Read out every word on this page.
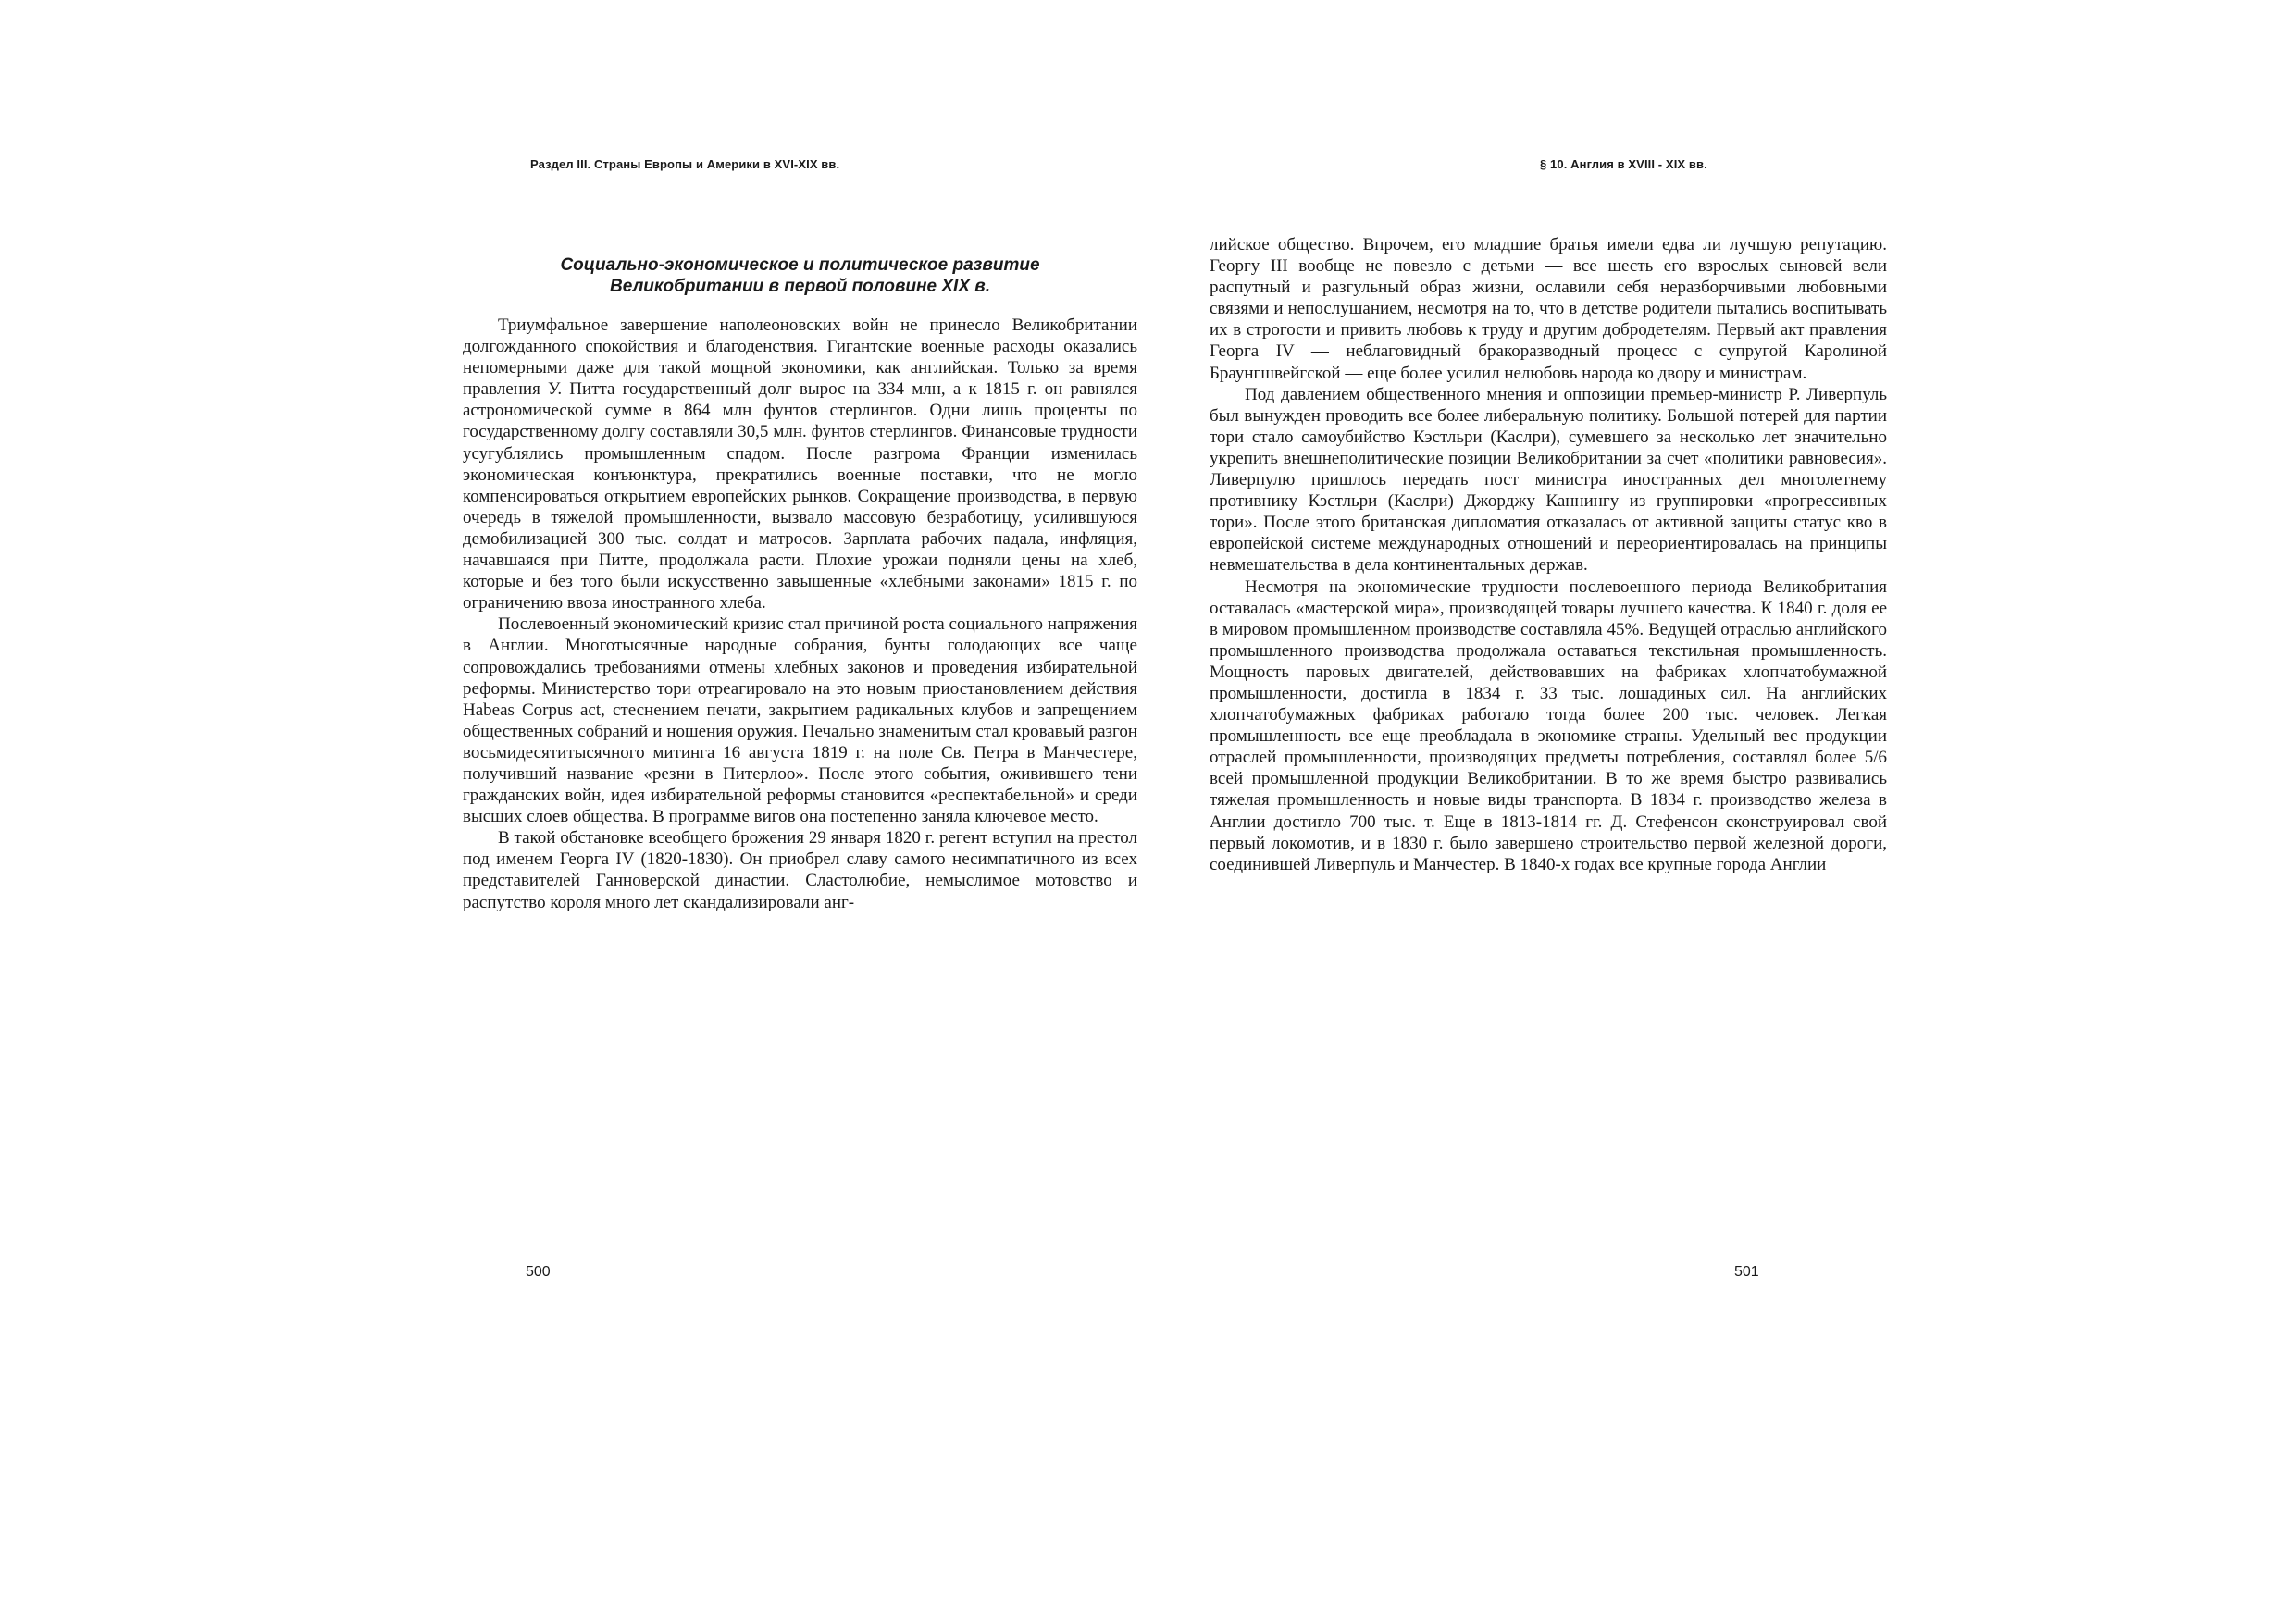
Раздел III. Страны Европы и Америки в XVI-XIX вв.	§ 10. Англия в XVIII - XIX вв.
Социально-экономическое и политическое развитие
Великобритании в первой половине XIX в.

Триумфальное завершение наполеоновских войн не принесло Великобритании долгожданного спокойствия и благоденствия. Гигантские военные расходы оказались непомерными даже для такой мощной экономики, как английская. Только за время правления У. Питта государственный долг вырос на 334 млн, а к 1815 г. он равнялся астрономической сумме в 864 млн фунтов стерлингов. Одни лишь проценты по государственному долгу составляли 30,5 млн. фунтов стерлингов. Финансовые трудности усугублялись промышленным спадом. После разгрома Франции изменилась экономическая конъюнктура, прекратились военные поставки, что не могло компенсироваться открытием европейских рынков. Сокращение производства, в первую очередь в тяжелой промышленности, вызвало массовую безработицу, усилившуюся демобилизацией 300 тыс. солдат и матросов. Зарплата рабочих падала, инфляция, начавшаяся при Питте, продолжала расти. Плохие урожаи подняли цены на хлеб, которые и без того были искусственно завышенные «хлебными законами» 1815 г. по ограничению ввоза иностранного хлеба.

Послевоенный экономический кризис стал причиной роста социального напряжения в Англии. Многотысячные народные собрания, бунты голодающих все чаще сопровождались требованиями отмены хлебных законов и проведения избирательной реформы. Министерство тори отреагировало на это новым приостановлением действия Habeas Corpus act, стеснением печати, закрытием радикальных клубов и запрещением общественных собраний и ношения оружия. Печально знаменитым стал кровавый разгон восьмидесятитысячного митинга 16 августа 1819 г. на поле Св. Петра в Манчестере, получивший название «резни в Питерлоо». После этого события, оживившего тени гражданских войн, идея избирательной реформы становится «респектабельной» и среди высших слоев общества. В программе вигов она постепенно заняла ключевое место.

В такой обстановке всеобщего брожения 29 января 1820 г. регент вступил на престол под именем Георга IV (1820-1830). Он приобрел славу самого несимпатичного из всех представителей Ганноверской династии. Сластолюбие, немыслимое мотовство и распутство короля много лет скандализировали анг-

лийское общество. Впрочем, его младшие братья имели едва ли лучшую репутацию. Георгу III вообще не повезло с детьми — все шесть его взрослых сыновей вели распутный и разгульный образ жизни, ославили себя неразборчивыми любовными связями и непослушанием, несмотря на то, что в детстве родители пытались воспитывать их в строгости и привить любовь к труду и другим добродетелям. Первый акт правления Георга IV — неблаговидный бракоразводный процесс с супругой Каролиной Браунгшвейгской — еще более усилил нелюбовь народа ко двору и министрам.

Под давлением общественного мнения и оппозиции премьер-министр Р. Ливерпуль был вынужден проводить все более либеральную политику. Большой потерей для партии тори стало самоубийство Кэстльри (Каслри), сумевшего за несколько лет значительно укрепить внешнеполитические позиции Великобритании за счет «политики равновесия». Ливерпулю пришлось передать пост министра иностранных дел многолетнему противнику Кэстльри (Каслри) Джорджу Каннингу из группировки «прогрессивных тори». После этого британская дипломатия отказалась от активной защиты статус кво в европейской системе международных отношений и переориентировалась на принципы невмешательства в дела континентальных держав.

Несмотря на экономические трудности послевоенного периода Великобритания оставалась «мастерской мира», производящей товары лучшего качества. К 1840 г. доля ее в мировом промышленном производстве составляла 45%. Ведущей отраслью английского промышленного производства продолжала оставаться текстильная промышленность. Мощность паровых двигателей, действовавших на фабриках хлопчатобумажной промышленности, достигла в 1834 г. 33 тыс. лошадиных сил. На английских хлопчатобумажных фабриках работало тогда более 200 тыс. человек. Легкая промышленность все еще преобладала в экономике страны. Удельный вес продукции отраслей промышленности, производящих предметы потребления, составлял более 5/6 всей промышленной продукции Великобритании. В то же время быстро развивались тяжелая промышленность и новые виды транспорта. В 1834 г. производство железа в Англии достигло 700 тыс. т. Еще в 1813-1814 гг. Д. Стефенсон сконструировал свой первый локомотив, и в 1830 г. было завершено строительство первой железной дороги, соединившей Ливерпуль и Манчестер. В 1840-х годах все крупные города Англии

500	501
